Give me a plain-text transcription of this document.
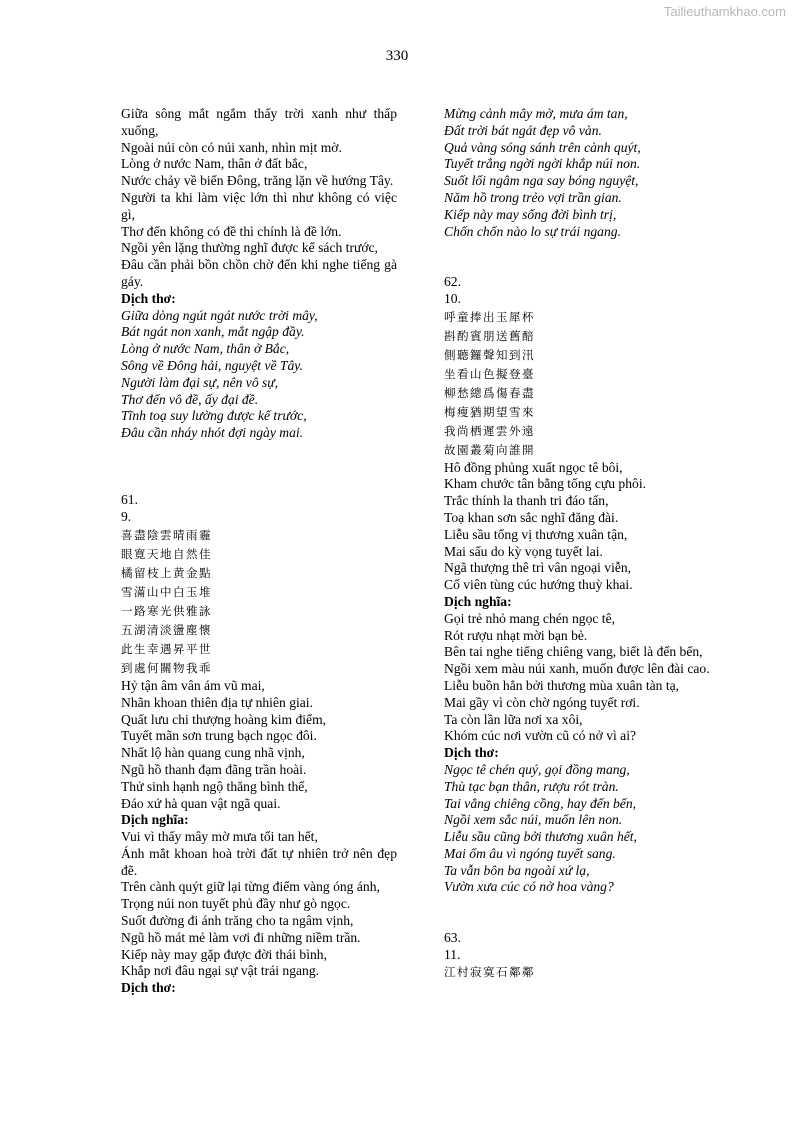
Tailieuthamkhao.com
330
Giữa sông mắt ngắm thấy trời xanh như thấp xuống,
Ngoài núi còn có núi xanh, nhìn mịt mờ.
Lòng ở nước Nam, thân ở đất bắc,
Nước chảy về biển Đông, trăng lặn về hướng Tây.
Người ta khi làm việc lớn thì như không có việc gì,
Thơ đến không có đề thì chính là đề lớn.
Ngồi yên lặng thường nghĩ được kế sách trước,
Đâu cần phải bồn chồn chờ đến khi nghe tiếng gà gáy.
Dịch thơ:
Giữa dòng ngút ngát nước trời mây,
Bát ngát non xanh, mắt ngập đầy.
Lòng ở nước Nam, thân ở Bắc,
Sông về Đông hải, nguyệt về Tây.
Người làm đại sự, nên vô sự,
Thơ đến vô đề, ấy đại đề.
Tĩnh toạ suy lường được kế trước,
Đâu cần nháy nhót đợi ngày mai.
61.
9.
喜盡陰雲晴雨霾
眼寛天地自然佳
橘留枝上黄金點
雪滿山中白玉堆
一路寒光供雅詠
五湖清淡盪塵懷
此生幸遇昇平世
到處何關物我乖
Hỷ tận âm vân ám vũ mai,
Nhãn khoan thiên địa tự nhiên giai.
Quất lưu chi thượng hoàng kim điểm,
Tuyết mãn sơn trung bạch ngọc đôi.
Nhất lộ hàn quang cung nhã vịnh,
Ngũ hồ thanh đạm đãng trần hoài.
Thử sinh hạnh ngộ thăng bình thế,
Đáo xứ hà quan vật ngã quai.
Dịch nghĩa:
Vui vì thấy mây mờ mưa tối tan hết,
Ánh mắt khoan hoà trời đất tự nhiên trở nên đẹp đẽ.
Trên cành quýt giữ lại từng điểm vàng óng ánh,
Trọng núi non tuyết phủ đầy như gò ngọc.
Suốt đường đi ánh trăng cho ta ngâm vịnh,
Ngũ hồ mát mẻ làm vơi đi những niềm trần.
Kiếp này may gặp được đời thái bình,
Khắp nơi đâu ngại sự vật trái ngang.
Dịch thơ:
Mừng cảnh mây mờ, mưa ám tan,
Đất trời bát ngát đẹp vô vàn.
Quả vàng sóng sánh trên cành quýt,
Tuyết trắng ngời ngời khắp núi non.
Suốt lối ngâm nga say bóng nguyệt,
Năm hồ trong trẻo vợi trần gian.
Kiếp này may sống đời bình trị,
Chốn chốn nào lo sự trái ngang.
62.
10.
呼童捧出玉犀杯
斟酌賓朋送舊醅
側聽鑼聲知到汛
坐看山色擬登臺
柳愁總爲傷春盡
梅瘦猶期望雪來
我尚栖遲雲外遠
故園叢菊向誰開
Hô đồng phủng xuất ngọc tê bôi,
Kham chước tân bằng tống cựu phôi.
Trắc thính la thanh tri đáo tấn,
Toạ khan sơn sắc nghĩ đăng đài.
Liễu sầu tổng vị thương xuân tận,
Mai sấu do kỳ vọng tuyết lai.
Ngã thượng thê trì vân ngoại viễn,
Cố viên tùng cúc hướng thuỳ khai.
Dịch nghĩa:
Gọi trẻ nhỏ mang chén ngọc tê,
Rót rượu nhạt mời bạn bè.
Bên tai nghe tiếng chiêng vang, biết là đến bến,
Ngồi xem màu núi xanh, muốn được lên đài cao.
Liễu buồn hẳn bởi thương mùa xuân tàn tạ,
Mai gầy vì còn chờ ngóng tuyết rơi.
Ta còn lần lữa nơi xa xôi,
Khóm cúc nơi vườn cũ có nở vì ai?
Dịch thơ:
Ngọc tê chén quý, gọi đồng mang,
Thù tạc bạn thân, rượu rót tràn.
Tai vẳng chiêng cồng, hay đến bến,
Ngồi xem sắc núi, muốn lên non.
Liễu sầu cũng bởi thương xuân hết,
Mai ốm âu vì ngóng tuyết sang.
Ta vẫn bôn ba ngoài xứ lạ,
Vườn xưa cúc có nở hoa vàng?
63.
11.
江村寂寞石鄰鄰
